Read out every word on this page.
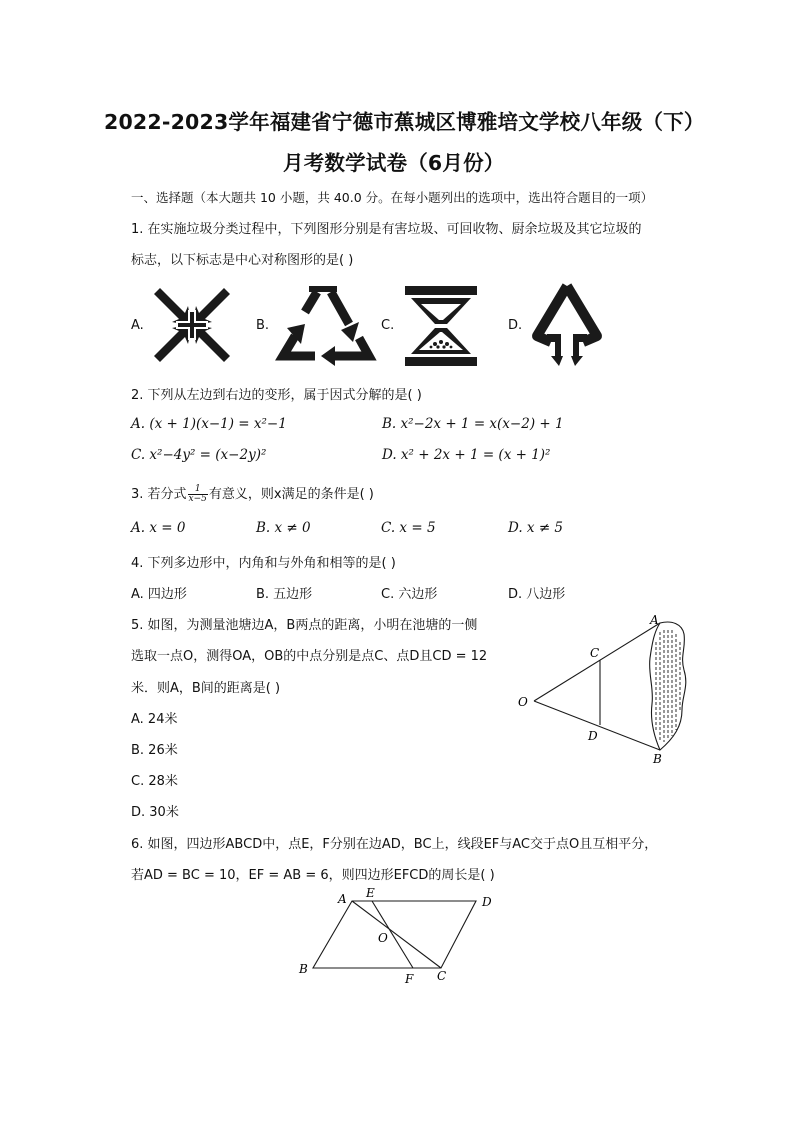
2022-2023学年福建省宁德市蕉城区博雅培文学校八年级（下）
月考数学试卷（6月份）
一、选择题（本大题共 10 小题，共 40.0 分。在每小题列出的选项中，选出符合题目的一项）
1. 在实施垃圾分类过程中，下列图形分别是有害垃圾、可回收物、厨余垃圾及其它垃圾的
标志，以下标志是中心对称图形的是( )
A.	B.	C.	D.
2. 下列从左边到右边的变形，属于因式分解的是( )
A. (x + 1)(x−1) = x²−1	B. x²−2x + 1 = x(x−2) + 1
C. x²−4y² = (x−2y)²	D. x² + 2x + 1 = (x + 1)²
3. 若分式 $\frac{1}{x-5}$ 有意义，则x满足的条件是( )
A. x = 0	B. x ≠ 0	C. x = 5	D. x ≠ 5
4. 下列多边形中，内角和与外角和相等的是( )
A. 四边形	B. 五边形	C. 六边形	D. 八边形
5. 如图，为测量池塘边A，B两点的距离，小明在池塘的一侧
选取一点O，测得OA，OB的中点分别是点C、点D且CD = 12
米．则A，B间的距离是( )
A. 24米
B. 26米
C. 28米
D. 30米
A
B
C
D
O
6. 如图，四边形ABCD中，点E，F分别在边AD，BC上，线段EF与AC交于点O且互相平分，
若AD = BC = 10，EF = AB = 6，则四边形EFCD的周长是( )
A E
D
O
B
F C
